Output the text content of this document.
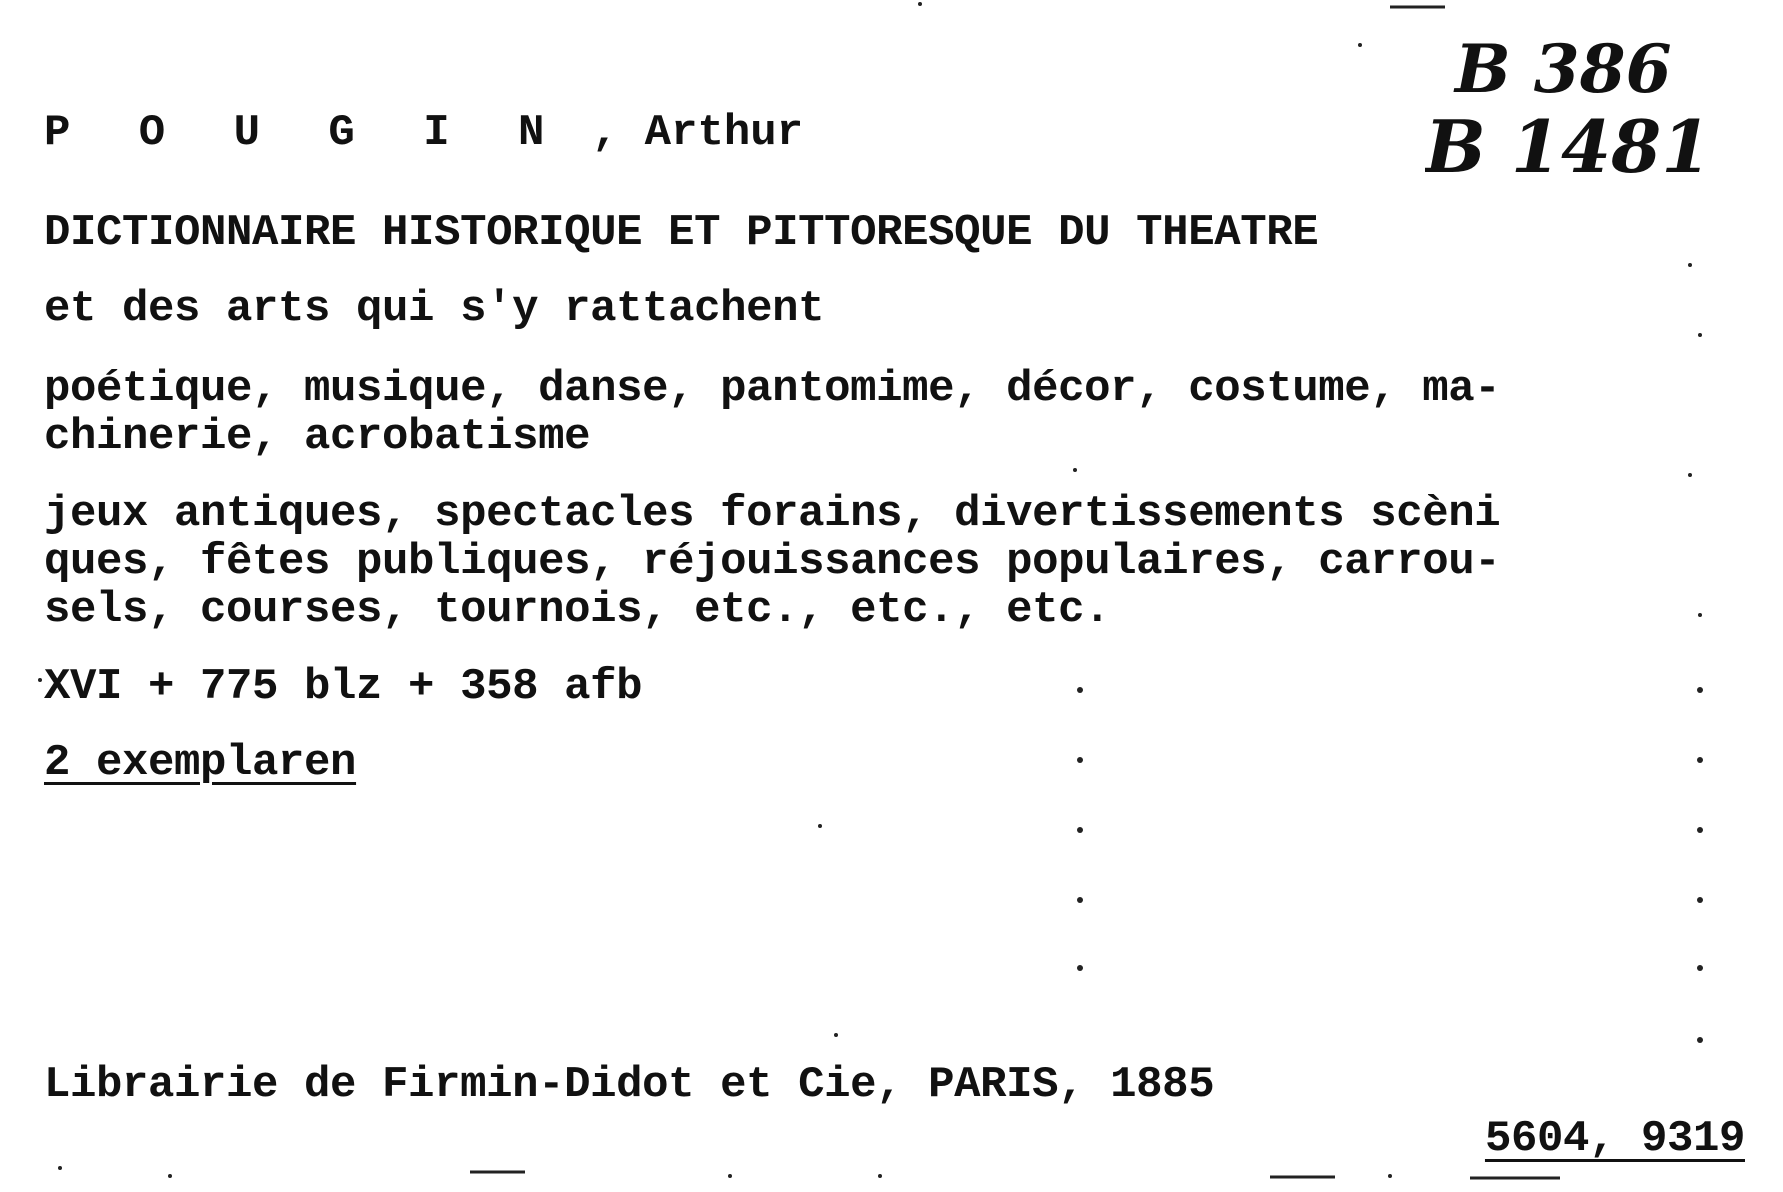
B 386
B 1481

P O U G I N , Arthur

DICTIONNAIRE HISTORIQUE ET PITTORESQUE DU THEATRE

et des arts qui s'y rattachent

poétique, musique, danse, pantomime, décor, costume, ma-
chinerie, acrobatisme

jeux antiques, spectacles forains, divertissements scèni
ques, fêtes publiques, réjouissances populaires, carrou-
sels, courses, tournois, etc., etc., etc.

XVI + 775 blz + 358 afb

2 exemplaren

Librairie de Firmin-Didot et Cie, PARIS, 1885

5604, 9319
